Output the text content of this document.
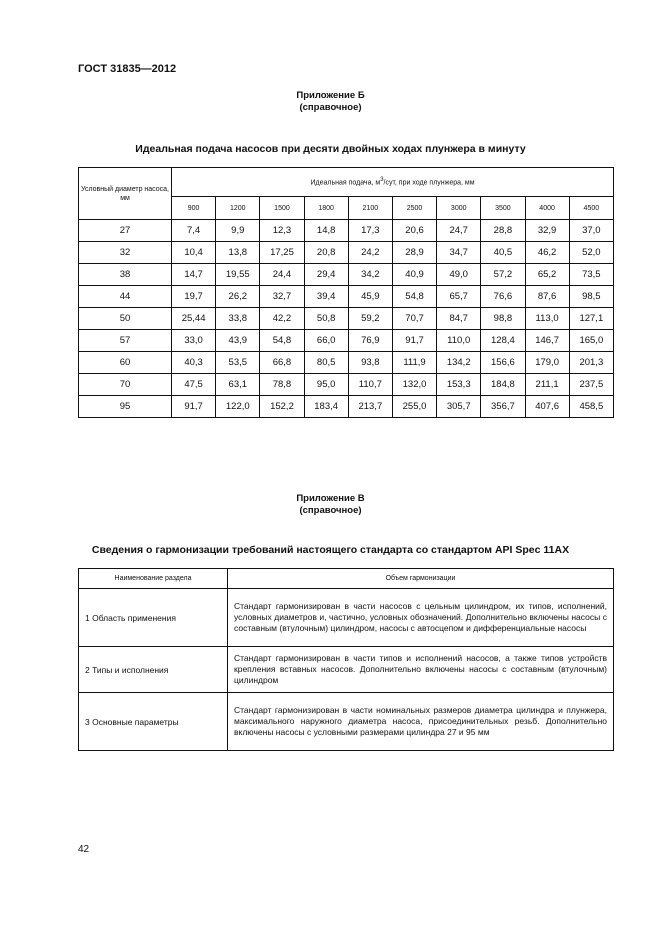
ГОСТ 31835—2012
Приложение Б
(справочное)
Идеальная подача насосов при десяти двойных ходах плунжера в минуту
Условный диаметр насоса, мм	Идеальная подача, $м^3$/сут, при ходе плунжера, мм									
	900	1200	1500	1800	2100	2500	3000	3500	4000	4500
27	7,4	9,9	12,3	14,8	17,3	20,6	24,7	28,8	32,9	37,0
32	10,4	13,8	17,25	20,8	24,2	28,9	34,7	40,5	46,2	52,0
38	14,7	19,55	24,4	29,4	34,2	40,9	49,0	57,2	65,2	73,5
44	19,7	26,2	32,7	39,4	45,9	54,8	65,7	76,6	87,6	98,5
50	25,44	33,8	42,2	50,8	59,2	70,7	84,7	98,8	113,0	127,1
57	33,0	43,9	54,8	66,0	76,9	91,7	110,0	128,4	146,7	165,0
60	40,3	53,5	66,8	80,5	93,8	111,9	134,2	156,6	179,0	201,3
70	47,5	63,1	78,8	95,0	110,7	132,0	153,3	184,8	211,1	237,5
95	91,7	122,0	152,2	183,4	213,7	255,0	305,7	356,7	407,6	458,5
Приложение В
(справочное)
Сведения о гармонизации требований настоящего стандарта со стандартом API Spec 11AX
Наименование раздела	Объем гармонизации
1 Область применения	Стандарт гармонизирован в части насосов с цельным цилиндром, их типов, исполнений, условных диаметров и, частично, условных обозначений. Дополнительно включены насосы с составным (втулочным) цилиндром, насосы с автосцепом и дифференциальные насосы
2 Типы и исполнения	Стандарт гармонизирован в части типов и исполнений насосов, а также типов устройств крепления вставных насосов. Дополнительно включены насосы с составным (втулочным) цилиндром
3 Основные параметры	Стандарт гармонизирован в части номинальных размеров диаметра цилиндра и плунжера, максимального наружного диаметра насоса, присоединительных резьб. Дополнительно включены насосы с условными размерами цилиндра 27 и 95 мм
42
